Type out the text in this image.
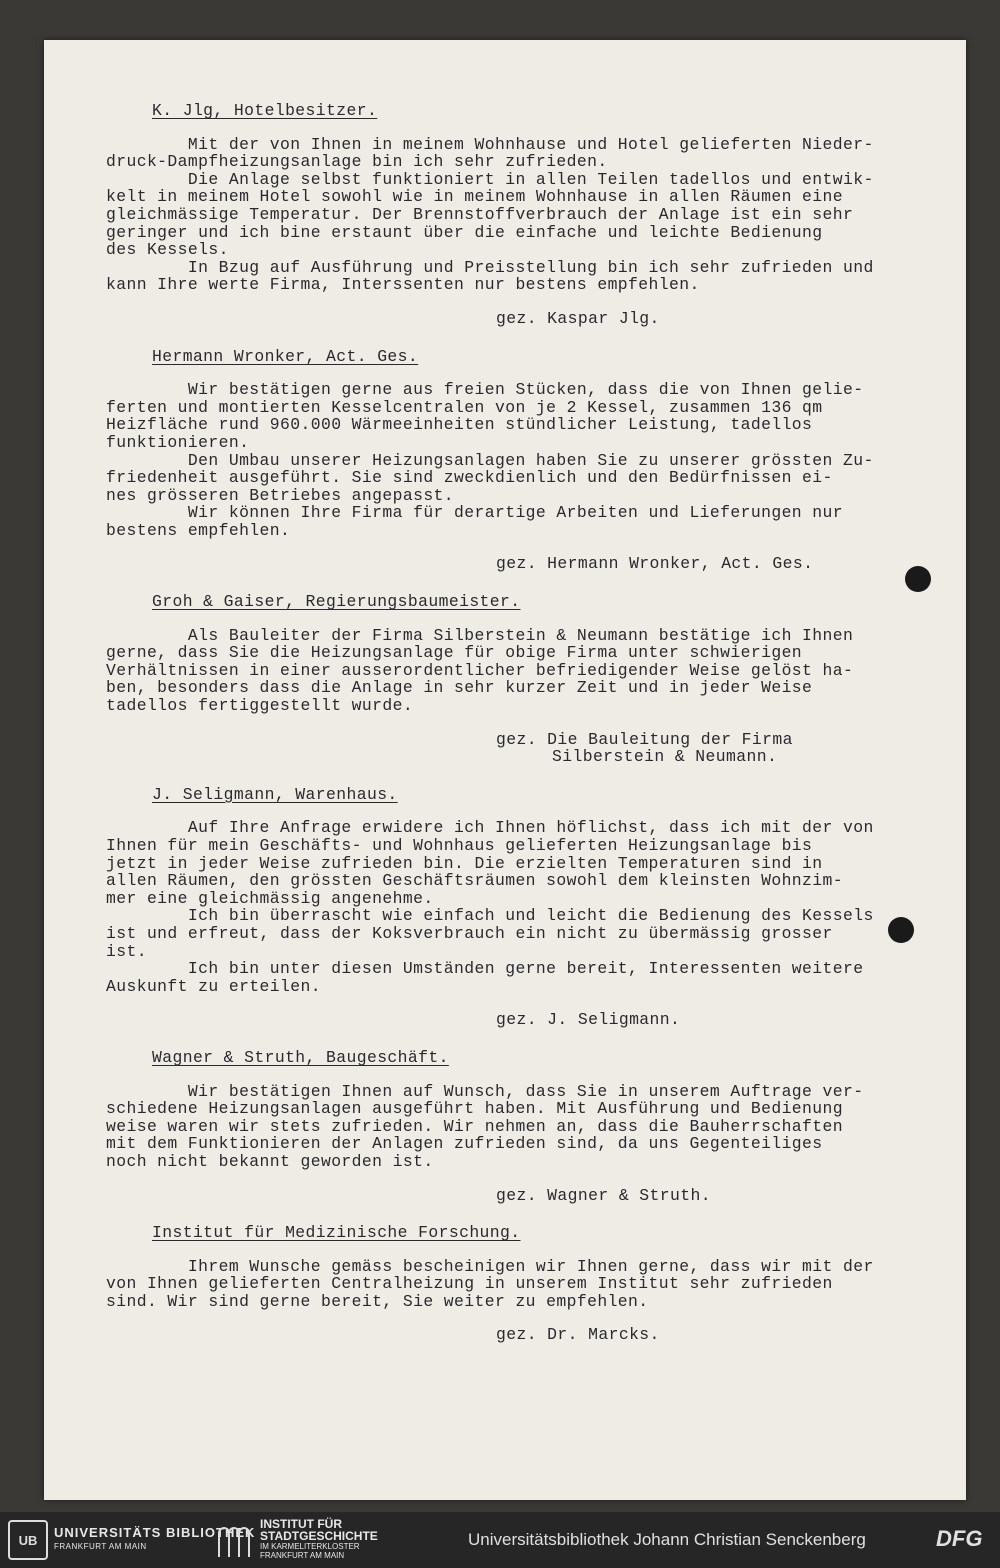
K. Jlg, Hotelbesitzer.
Mit der von Ihnen in meinem Wohnhause und Hotel gelieferten Nieder-
druck-Dampfheizungsanlage bin ich sehr zufrieden.
Die Anlage selbst funktioniert in allen Teilen tadellos und entwik-
kelt in meinem Hotel sowohl wie in meinem Wohnhause in allen Räumen eine
gleichmässige Temperatur. Der Brennstoffverbrauch der Anlage ist ein sehr
geringer und ich bine erstaunt über die einfache und leichte Bedienung
des Kessels.
In Bzug auf Ausführung und Preisstellung bin ich sehr zufrieden und
kann Ihre werte Firma, Interssenten nur bestens empfehlen.
gez. Kaspar Jlg.
Hermann Wronker, Act. Ges.
Wir bestätigen gerne aus freien Stücken, dass die von Ihnen gelie-
ferten und montierten Kesselcentralen von je 2 Kessel, zusammen 136 qm
Heizfläche rund 960.000 Wärmeeinheiten stündlicher Leistung, tadellos
funktionieren.
Den Umbau unserer Heizungsanlagen haben Sie zu unserer grössten Zu-
friedenheit ausgeführt. Sie sind zweckdienlich und den Bedürfnissen ei-
nes grösseren Betriebes angepasst.
Wir können Ihre Firma für derartige Arbeiten und Lieferungen nur
bestens empfehlen.
gez. Hermann Wronker, Act. Ges.
Groh & Gaiser, Regierungsbaumeister.
Als Bauleiter der Firma Silberstein & Neumann bestätige ich Ihnen
gerne, dass Sie die Heizungsanlage für obige Firma unter schwierigen
Verhältnissen in einer ausserordentlicher befriedigender Weise gelöst ha-
ben, besonders dass die Anlage in sehr kurzer Zeit und in jeder Weise
tadellos fertiggestellt wurde.
gez. Die Bauleitung der Firma
Silberstein & Neumann.
J. Seligmann, Warenhaus.
Auf Ihre Anfrage erwidere ich Ihnen höflichst, dass ich mit der von
Ihnen für mein Geschäfts- und Wohnhaus gelieferten Heizungsanlage bis
jetzt in jeder Weise zufrieden bin. Die erzielten Temperaturen sind in
allen Räumen, den grössten Geschäftsräumen sowohl dem kleinsten Wohnzim-
mer eine gleichmässig angenehme.
Ich bin überrascht wie einfach und leicht die Bedienung des Kessels
ist und erfreut, dass der Koksverbrauch ein nicht zu übermässig grosser
ist.
Ich bin unter diesen Umständen gerne bereit, Interessenten weitere
Auskunft zu erteilen.
gez. J. Seligmann.
Wagner & Struth, Baugeschäft.
Wir bestätigen Ihnen auf Wunsch, dass Sie in unserem Auftrage ver-
schiedene Heizungsanlagen ausgeführt haben. Mit Ausführung und Bedienung
weise waren wir stets zufrieden. Wir nehmen an, dass die Bauherrschaften
mit dem Funktionieren der Anlagen zufrieden sind, da uns Gegenteiliges
noch nicht bekannt geworden ist.
gez. Wagner & Struth.
Institut für Medizinische Forschung.
Ihrem Wunsche gemäss bescheinigen wir Ihnen gerne, dass wir mit der
von Ihnen gelieferten Centralheizung in unserem Institut sehr zufrieden
sind. Wir sind gerne bereit, Sie weiter zu empfehlen.
gez. Dr. Marcks.
UB	UNIVERSITÄTS BIBLIOTHEK
FRANKFURT AM MAIN
INSTITUT FÜR
STADTGESCHICHTE
IM KARMELITERKLOSTER
FRANKFURT AM MAIN
Universitätsbibliothek Johann Christian Senckenberg	DFG
